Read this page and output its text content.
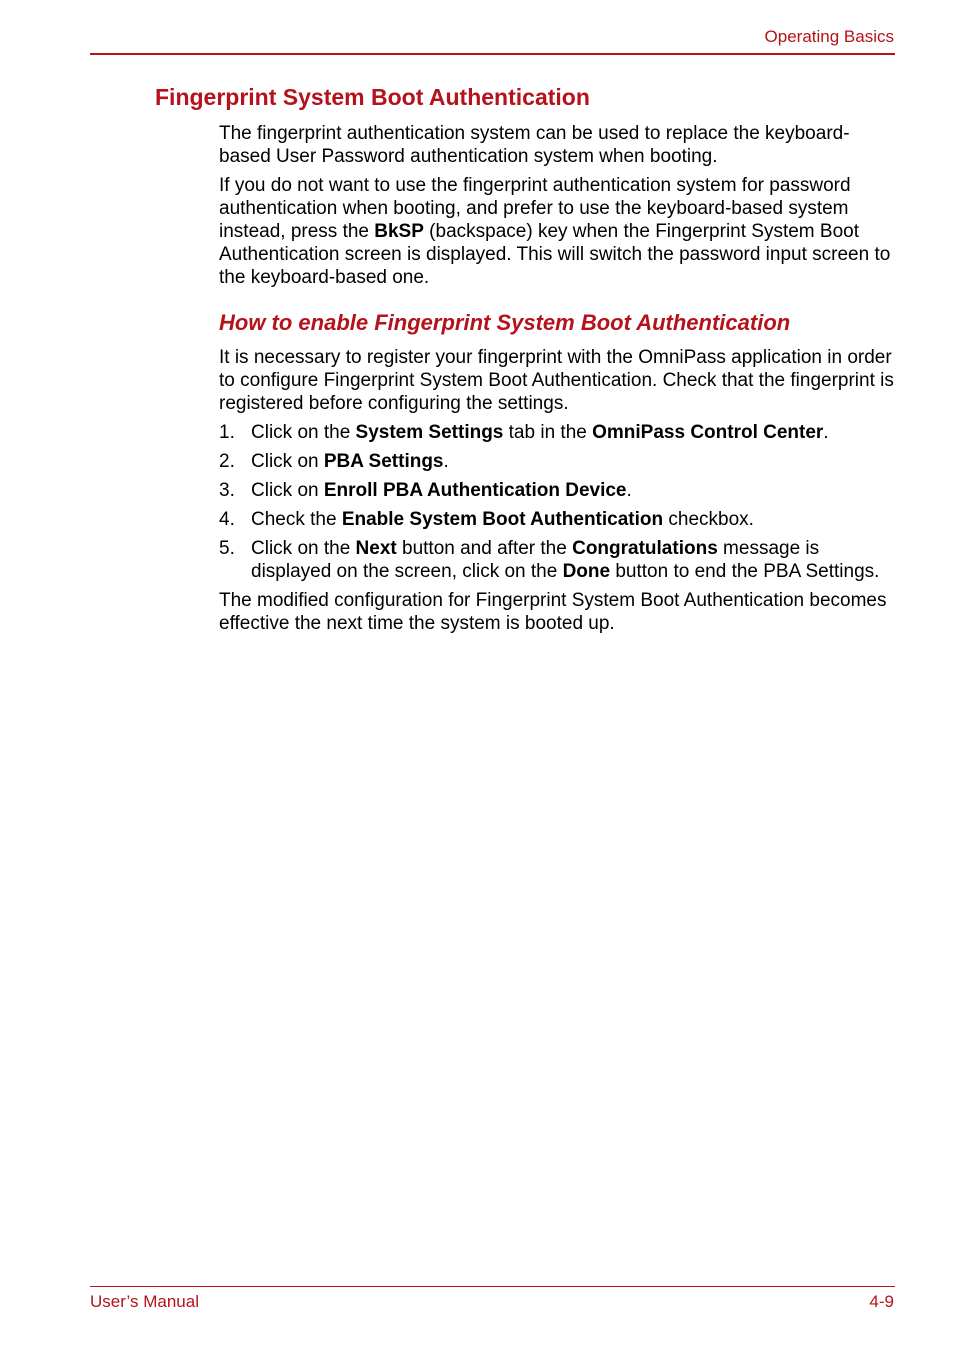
Operating Basics
Fingerprint System Boot Authentication

The fingerprint authentication system can be used to replace the keyboard-based User Password authentication system when booting.

If you do not want to use the fingerprint authentication system for password authentication when booting, and prefer to use the keyboard-based system instead, press the BkSP (backspace) key when the Fingerprint System Boot Authentication screen is displayed. This will switch the password input screen to the keyboard-based one.

How to enable Fingerprint System Boot Authentication

It is necessary to register your fingerprint with the OmniPass application in order to configure Fingerprint System Boot Authentication. Check that the fingerprint is registered before configuring the settings.

1. Click on the System Settings tab in the OmniPass Control Center.
2. Click on PBA Settings.
3. Click on Enroll PBA Authentication Device.
4. Check the Enable System Boot Authentication checkbox.
5. Click on the Next button and after the Congratulations message is displayed on the screen, click on the Done button to end the PBA Settings.

The modified configuration for Fingerprint System Boot Authentication becomes effective the next time the system is booted up.

User’s Manual	4-9
